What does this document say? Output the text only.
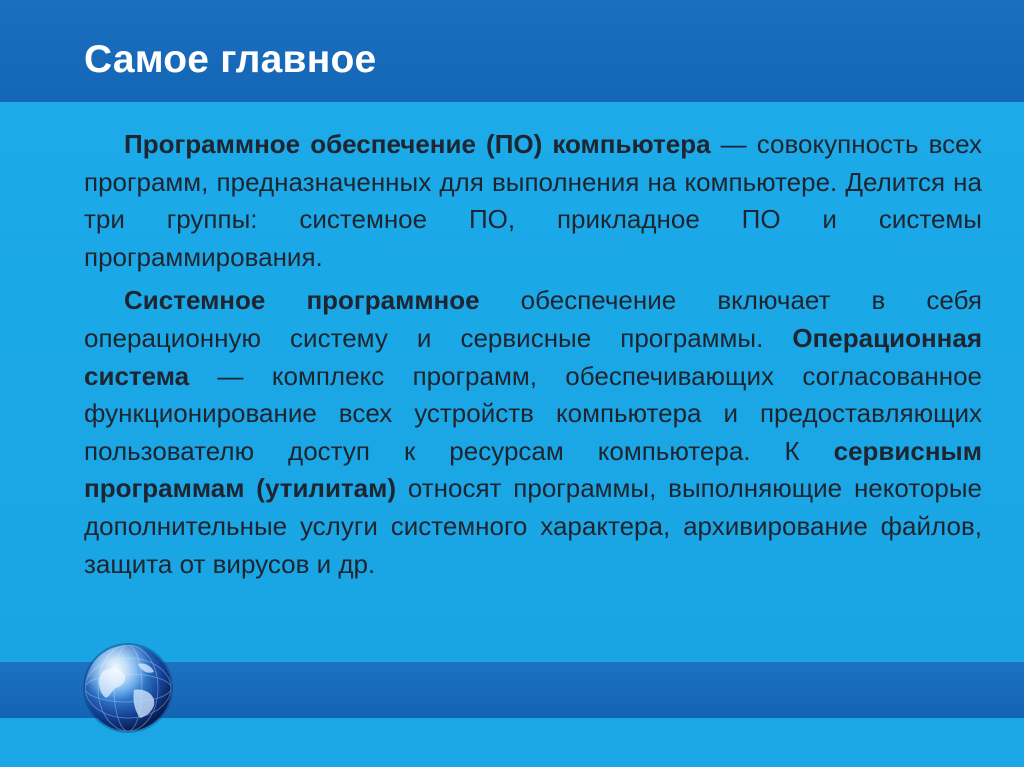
Самое главное

Программное обеспечение (ПО) компьютера — совокупность всех программ, предназначенных для выполнения на компьютере. Делится на три группы: системное ПО, прикладное ПО и системы программирования.

Системное программное обеспечение включает в себя операционную систему и сервисные программы. Операционная система — комплекс программ, обеспечивающих согласованное функционирование всех устройств компьютера и предоставляющих пользователю доступ к ресурсам компьютера. К сервисным программам (утилитам) относят программы, выполняющие некоторые дополнительные услуги системного характера, архивирование файлов, защита от вирусов и др.
